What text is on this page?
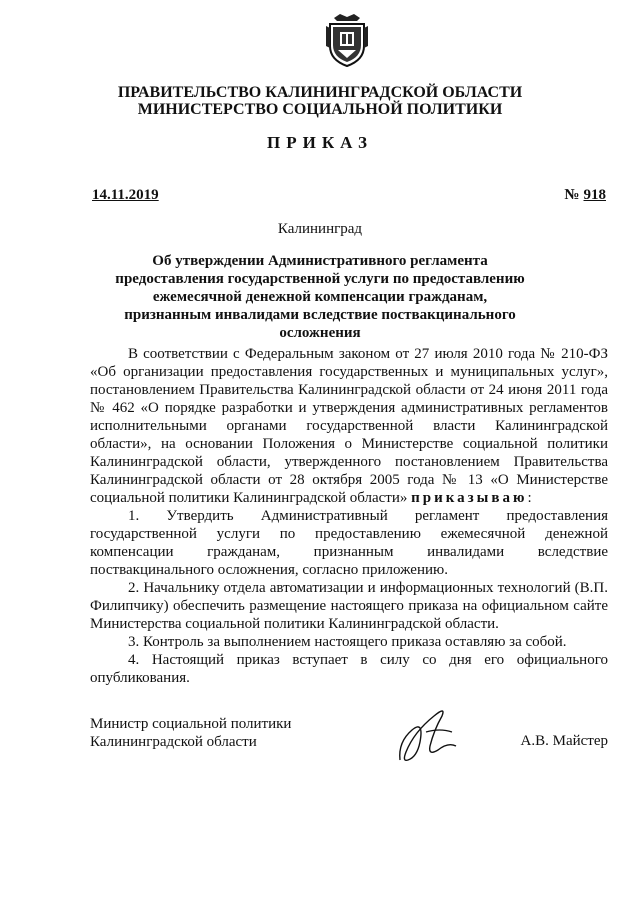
ПРАВИТЕЛЬСТВО КАЛИНИНГРАДСКОЙ ОБЛАСТИ
МИНИСТЕРСТВО СОЦИАЛЬНОЙ ПОЛИТИКИ
ПРИКАЗ
14.11.2019	№ 918
Калининград
Об утверждении Административного регламента предоставления государственной услуги по предоставлению ежемесячной денежной компенсации гражданам, признанным инвалидами вследствие поствакцинального осложнения

В соответствии с Федеральным законом от 27 июля 2010 года № 210-ФЗ «Об организации предоставления государственных и муниципальных услуг», постановлением Правительства Калининградской области от 24 июня 2011 года № 462 «О порядке разработки и утверждения административных регламентов исполнительными органами государственной власти Калининградской области», на основании Положения о Министерстве социальной политики Калининградской области, утвержденного постановлением Правительства Калининградской области от 28 октября 2005 года № 13 «О Министерстве социальной политики Калининградской области» приказываю:

1. Утвердить Административный регламент предоставления государственной услуги по предоставлению ежемесячной денежной компенсации гражданам, признанным инвалидами вследствие поствакцинального осложнения, согласно приложению.

2. Начальнику отдела автоматизации и информационных технологий (В.П. Филипчику) обеспечить размещение настоящего приказа на официальном сайте Министерства социальной политики Калининградской области.

3. Контроль за выполнением настоящего приказа оставляю за собой.

4. Настоящий приказ вступает в силу со дня его официального опубликования.

Министр социальной политики
Калининградской области	А.В. Майстер
